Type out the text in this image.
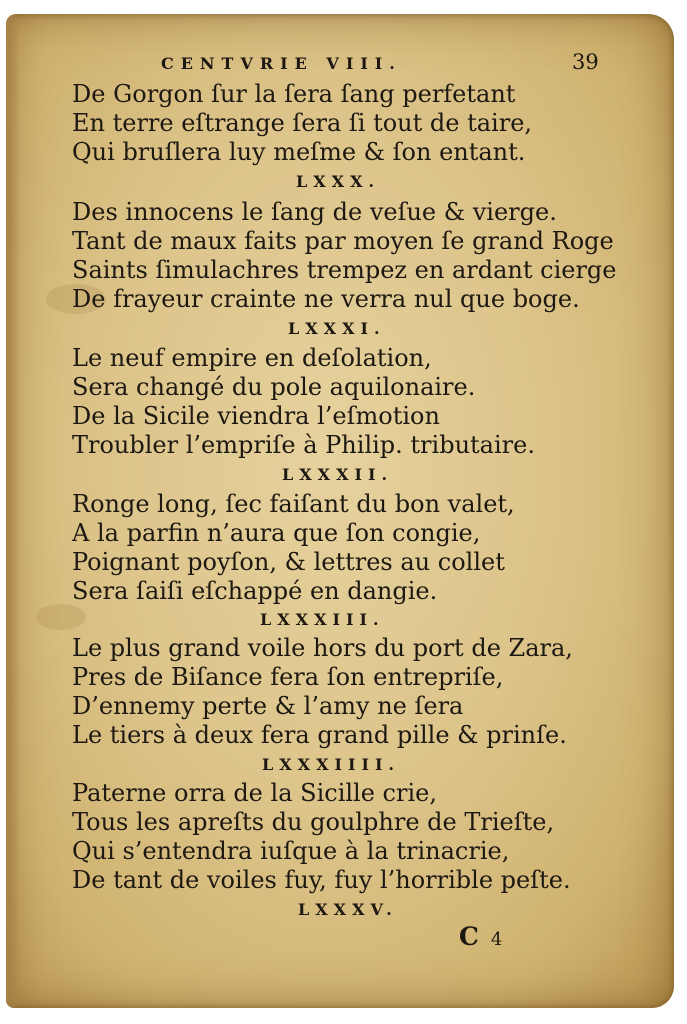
CENTVRIE VIII.	39
De Gorgon ſur la ſera ſang perfetant
En terre eſtrange ſera ſi tout de taire,
Qui bruſlera luy meſme & ſon entant.
LXXX.
Des innocens le ſang de veſue & vierge.
Tant de maux faits par moyen ſe grand Roge
Saints ſimulachres trempez en ardant cierge
De frayeur crainte ne verra nul que boge.
LXXXI.
Le neuf empire en deſolation,
Sera changé du pole aquilonaire.
De la Sicile viendra l’eſmotion
Troubler l’empriſe à Philip. tributaire.
LXXXII.
Ronge long, ſec faiſant du bon valet,
A la parfin n’aura que ſon congie,
Poignant poyſon, & lettres au collet
Sera ſaiſi eſchappé en dangie.
LXXXIII.
Le plus grand voile hors du port de Zara,
Pres de Biſance fera ſon entrepriſe,
D’ennemy perte & l’amy ne ſera
Le tiers à deux fera grand pille & prinſe.
LXXXIIII.
Paterne orra de la Sicille crie,
Tous les apreſts du goulphre de Trieſte,
Qui s’entendra iuſque à la trinacrie,
De tant de voiles fuy, fuy l’horrible peſte.
LXXXV.
C 4
